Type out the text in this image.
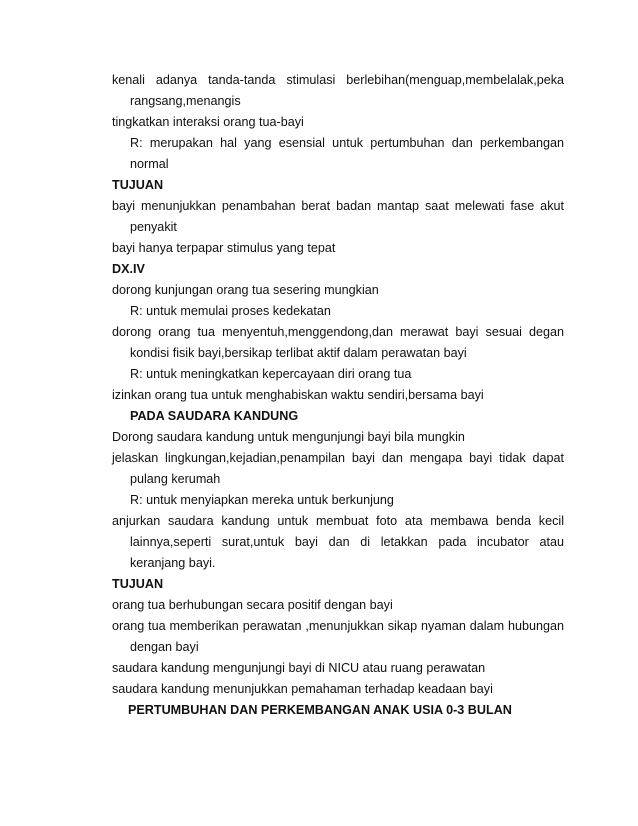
kenali adanya tanda-tanda stimulasi berlebihan(menguap,membelalak,peka rangsang,menangis

tingkatkan interaksi orang tua-bayi

R: merupakan hal yang esensial untuk pertumbuhan dan perkembangan normal

TUJUAN

bayi menunjukkan penambahan berat badan mantap saat melewati fase akut penyakit

bayi hanya terpapar stimulus yang tepat

DX.IV

dorong kunjungan orang tua sesering mungkian

R: untuk memulai proses kedekatan

dorong orang tua menyentuh,menggendong,dan merawat bayi sesuai degan kondisi fisik bayi,bersikap terlibat aktif dalam perawatan bayi

R: untuk meningkatkan kepercayaan diri orang tua

izinkan orang tua untuk menghabiskan waktu sendiri,bersama bayi

PADA SAUDARA KANDUNG

Dorong saudara kandung untuk mengunjungi bayi bila mungkin

jelaskan lingkungan,kejadian,penampilan bayi dan mengapa bayi tidak dapat pulang kerumah

R: untuk menyiapkan mereka untuk berkunjung

anjurkan saudara kandung untuk membuat foto ata membawa benda kecil lainnya,seperti surat,untuk bayi dan di letakkan pada incubator atau keranjang bayi.

TUJUAN

orang tua berhubungan secara positif dengan bayi

orang tua memberikan perawatan ,menunjukkan sikap nyaman dalam hubungan dengan bayi

saudara kandung mengunjungi bayi di NICU atau ruang perawatan

saudara kandung menunjukkan pemahaman terhadap keadaan bayi

PERTUMBUHAN DAN PERKEMBANGAN ANAK USIA 0-3 BULAN
